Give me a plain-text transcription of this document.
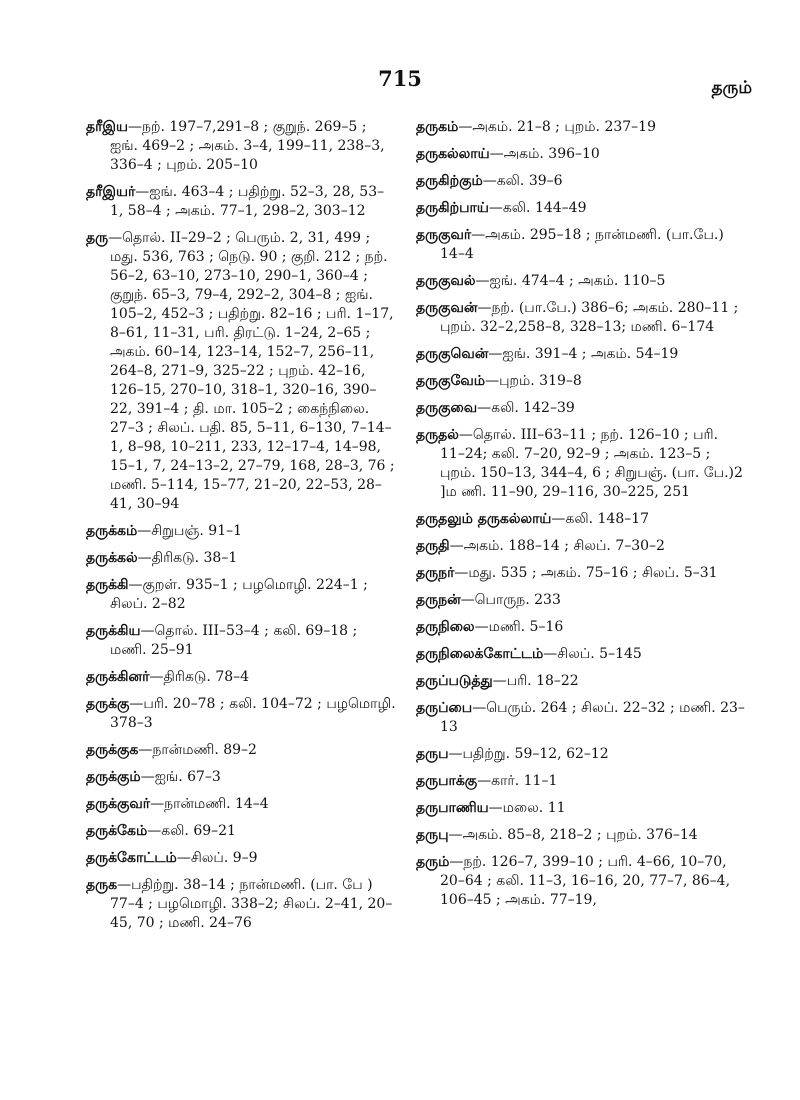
715	தரும்

தரீஇய—நற். 197–7,291–8 ; குறுந். 269–5 ; ஐங். 469–2 ; அகம். 3–4, 199–11, 238–3, 336–4 ; புறம். 205–10

தரீஇயர்—ஐங். 463–4 ; பதிற்று. 52–3, 28, 53–1, 58–4 ; அகம். 77–1, 298–2, 303–12

தரு—தொல். II–29–2 ; பெரும். 2, 31, 499 ; மது. 536, 763 ; நெடு. 90 ; குறி. 212 ; நற். 56–2, 63–10, 273–10, 290–1, 360–4 ; குறுந். 65–3, 79–4, 292–2, 304–8 ; ஐங். 105–2, 452–3 ; பதிற்று. 82–16 ; பரி. 1–17, 8–61, 11–31, பரி. திரட்டு. 1–24, 2–65 ; அகம். 60–14, 123–14, 152–7, 256–11, 264–8, 271–9, 325–22 ; புறம். 42–16, 126–15, 270–10, 318–1, 320–16, 390–22, 391–4 ; தி. மா. 105–2 ; கைந்நிலை. 27–3 ; சிலப். பதி. 85, 5–11, 6–130, 7–14–1, 8–98, 10–211, 233, 12–17–4, 14–98, 15–1, 7, 24–13–2, 27–79, 168, 28–3, 76 ; மணி. 5–114, 15–77, 21–20, 22–53, 28–41, 30–94

தருக்கம்—சிறுபஞ். 91–1

தருக்கல்—திரிகடு. 38–1

தருக்கி—குறள். 935–1 ; பழமொழி. 224–1 ; சிலப். 2–82

தருக்கிய—தொல். III–53–4 ; கலி. 69–18 ; மணி. 25–91

தருக்கினர்—திரிகடு. 78–4

தருக்கு—பரி. 20–78 ; கலி. 104–72 ; பழமொழி. 378–3

தருக்குக—நான்மணி. 89–2

தருக்கும்—ஐங். 67–3

தருக்குவர்—நான்மணி. 14–4

தருக்கேம்—கலி. 69–21

தருக்கோட்டம்—சிலப். 9–9

தருக—பதிற்று. 38–14 ; நான்மணி. (பா. பே ) 77–4 ; பழமொழி. 338–2; சிலப். 2–41, 20–45, 70 ; மணி. 24–76

தருகம்—அகம். 21–8 ; புறம். 237–19

தருகல்லாய்—அகம். 396–10

தருகிற்கும்—கலி. 39–6

தருகிற்பாய்—கலி. 144–49

தருகுவர்—அகம். 295–18 ; நான்மணி. (பா.பே.) 14–4

தருகுவல்—ஐங். 474–4 ; அகம். 110–5

தருகுவன்—நற். (பா.பே.) 386–6; அகம். 280–11 ; புறம். 32–2,258–8, 328–13; மணி. 6–174

தருகுவென்—ஐங். 391–4 ; அகம். 54–19

தருகுவேம்—புறம். 319–8

தருகுவை—கலி. 142–39

தருதல்—தொல். III–63–11 ; நற். 126–10 ; பரி. 11–24; கலி. 7–20, 92–9 ; அகம். 123–5 ; புறம். 150–13, 344–4, 6 ; சிறுபஞ். (பா. பே.)2 ]ம ணி. 11–90, 29–116, 30–225, 251

தருதலும் தருகல்லாய்—கலி. 148–17

தருதி—அகம். 188–14 ; சிலப். 7–30–2

தருநர்—மது. 535 ; அகம். 75–16 ; சிலப். 5–31

தருநன்—பொருந. 233

தருநிலை—மணி. 5–16

தருநிலைக்கோட்டம்—சிலப். 5–145

தருப்படுத்து—பரி. 18–22

தருப்பை—பெரும். 264 ; சிலப். 22–32 ; மணி. 23–13

தருப—பதிற்று. 59–12, 62–12

தருபாக்கு—கார். 11–1

தருபாணிய—மலை. 11

தருபு—அகம். 85–8, 218–2 ; புறம். 376–14

தரும்—நற். 126–7, 399–10 ; பரி. 4–66, 10–70, 20–64 ; கலி. 11–3, 16–16, 20, 77–7, 86–4, 106–45 ; அகம். 77–19,
